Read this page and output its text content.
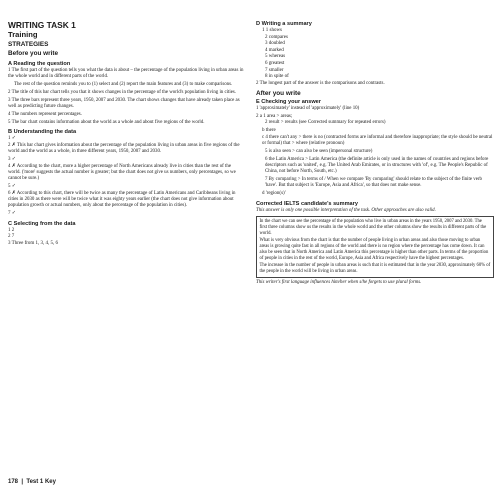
WRITING TASK 1
Training
STRATEGIES
Before you write
A Reading the question

1 The first part of the question tells you what the data is about – the percentage of the population living in urban areas in the whole world and in different parts of the world.

The rest of the question reminds you to (1) select and (2) report the main features and (3) to make comparisons.

2 The title of this bar chart tells you that it shows changes in the percentage of the world's population living in cities.

3 The three bars represent three years, 1950, 2007 and 2030. The chart shows changes that have already taken place as well as predicting future changes.

4 The numbers represent percentages.

5 The bar chart contains information about the world as a whole and about five regions of the world.

B Understanding the data

1 ✓

2 ✗ This bar chart gives information about the percentage of the population living in urban areas in five regions of the world and the world as a whole, in three different years, 1950, 2007 and 2030.

3 ✓

4 ✗ According to the chart, more a higher percentage of North Americans already live in cities than the rest of the world. ('more' suggests the actual number is greater; but the chart does not give us numbers, only percentages, so we cannot be sure.)

5 ✓

6 ✗ According to this chart, there will be twice as many the percentage of Latin Americans and Caribbeans living in cities in 2030 as there were will be twice what it was eighty years earlier (the chart does not give information about population growth or actual numbers, only about the percentage of the population in cities).

7 ✓

C Selecting from the data

1 2

2 7

3 Three from 1, 3, 4, 5, 6

D Writing a summary
1 1 shows
2 compares
3 doubled
4 marked
5 whereas
6 greatest
7 smaller
8 in spite of

2 The longest part of the answer is the comparisons and contrasts.

After you write
E Checking your answer

1 'approximately' instead of 'approximately' (line 10)

2 a 1 area > areas;

2 result > results (see Corrected summary for repeated errors)

b there

c 4 there can't any > there is no (contracted forms are informal and therefore inappropriate; the style should be neutral or formal) that > where (relative pronoun)

5 is also seen > can also be seen (impersonal structure)

6 the Latin America > Latin America (the definite article is only used in the names of countries and regions before descriptors such as 'united', e.g. The United Arab Emirates, or in structures with 'of', e.g. The People's Republic of China, not before North, South, etc.)

7 By comparing > In terms of / When we compare 'By comparing' should relate to the subject of the finite verb 'have'. But that subject is 'Europe, Asia and Africa', so that does not make sense.

d 'region(s)'

Corrected IELTS candidate's summary

This answer is only one possible interpretation of the task. Other approaches are also valid.

In the chart we can see the percentage of the population who live in urban areas in the years 1950, 2007 and 2030. The first three columns show us the results in the whole world and the other columns show the results in different parts of the world.

What is very obvious from the chart is that the number of people living in urban areas and also those moving to urban areas is growing quite fast in all regions of the world and there is no region where the percentage has come down. It can also be seen that in North America and Latin America this percentage is higher than other parts. In terms of the proportion of people in cities in the rest of the world, Europe, Asia and Africa respectively have the highest percentages.

The increase in the number of people in urban areas is such that it is estimated that in the year 2030, approximately 60% of the people in the world will be living in urban areas.

This writer's first language influences him/her when s/he forgets to use plural forms.

178  |  Test 1 Key
